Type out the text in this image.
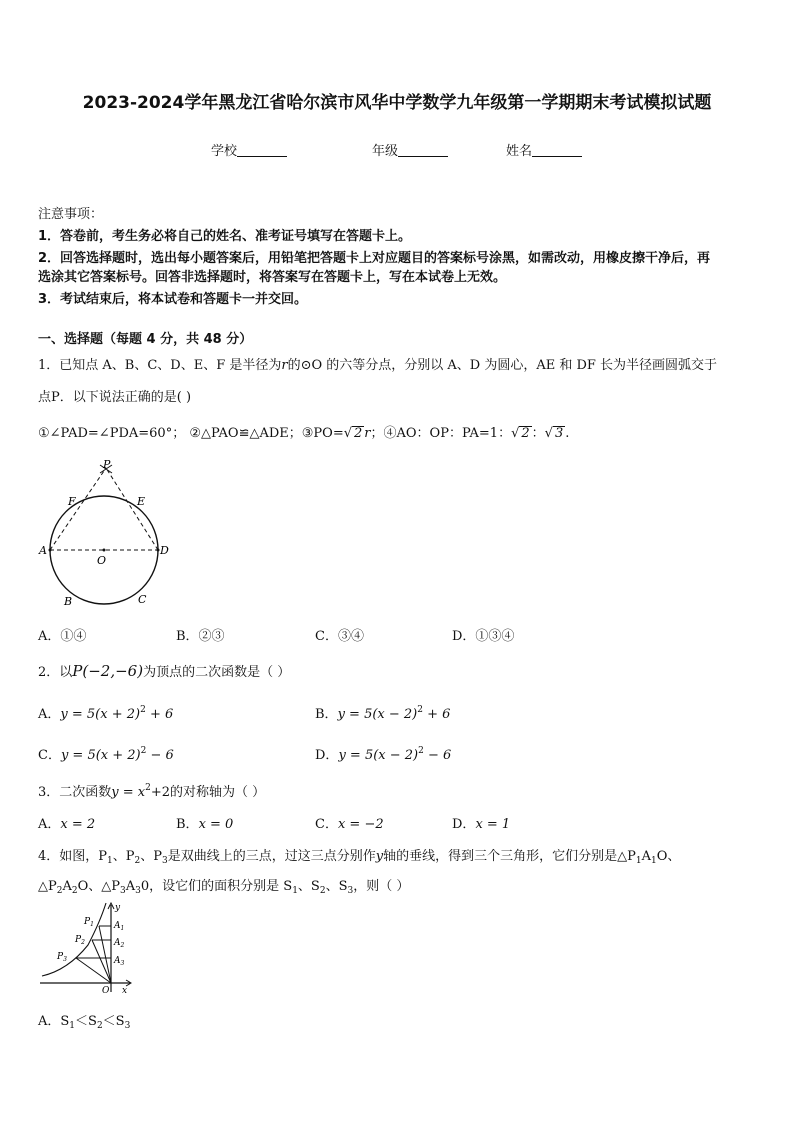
2023-2024学年黑龙江省哈尔滨市风华中学数学九年级第一学期期末考试模拟试题
学校	年级	姓名
注意事项：
1．答卷前，考生务必将自己的姓名、准考证号填写在答题卡上。
2．回答选择题时，选出每小题答案后，用铅笔把答题卡上对应题目的答案标号涂黑，如需改动，用橡皮擦干净后，再
选涂其它答案标号。回答非选择题时，将答案写在答题卡上，写在本试卷上无效。
3．考试结束后，将本试卷和答题卡一并交回。
一、选择题（每题 4 分，共 48 分）
1．已知点 A、B、C、D、E、F 是半径为r的⊙O 的六等分点，分别以 A、D 为圆心，AE 和 DF 长为半径画圆弧交于
点P．以下说法正确的是( )
①∠PAD=∠PDA=60°； ②△PAO≌△ADE；③PO=√ 2 r；④AO：OP：PA=1：√ 2 ：√ 3 .
P
F	E
A
O
D
B	C
A．①④	B．②③	C．③④	D．①③④
2．以P(−2,−6)为顶点的二次函数是（ ）
A．$y = 5(x + 2)^2 + 6$	B．$y = 5(x - 2)^2 + 6$
C．$y = 5(x + 2)^2 - 6$	D．$y = 5(x - 2)^2 - 6$
3．二次函数$y = x^2+2$的对称轴为（ ）
A．x = 2	B．x = 0	C．x = −2	D．x = 1
4．如图，$P_1$、$P_2$、$P_3$是双曲线上的三点，过这三点分别作y轴的垂线，得到三个三角形，它们分别是$\triangle P_1A_1O$、
$\triangle P_2A_2O$、$\triangle P_3A_30$，设它们的面积分别是 $S_1$、$S_2$、$S_3$，则（ ）
y
x
O
$P_1$
$P_2$
$P_3$
$A_1$
$A_2$
$A_3$
A．$S_1<S_2<S_3$
